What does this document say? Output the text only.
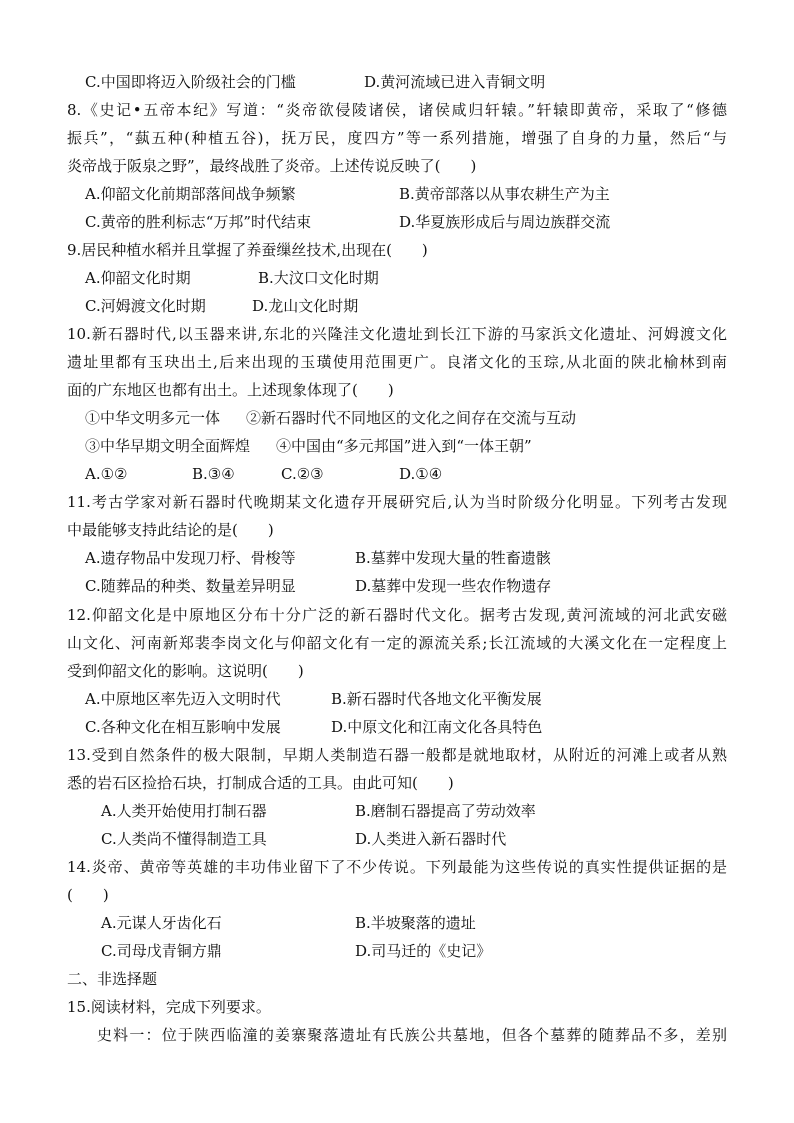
C.中国即将迈入阶级社会的门槛	D.黄河流域已进入青铜文明
8.《史记•五帝本纪》写道：“炎帝欲侵陵诸侯，诸侯咸归轩辕。”轩辕即黄帝，采取了“修德
振兵”，“蓺五种(种植五谷)，抚万民，度四方”等一系列措施，增强了自身的力量，然后“与
炎帝战于阪泉之野”，最终战胜了炎帝。上述传说反映了(　　)
A.仰韶文化前期部落间战争频繁	B.黄帝部落以从事农耕生产为主
C.黄帝的胜利标志“万邦”时代结束	D.华夏族形成后与周边族群交流
9.居民种植水稻并且掌握了养蚕缫丝技术,出现在(　　)
A.仰韶文化时期	B.大汶口文化时期
C.河姆渡文化时期	D.龙山文化时期
10.新石器时代,以玉器来讲,东北的兴隆洼文化遗址到长江下游的马家浜文化遗址、河姆渡文化
遗址里都有玉玦出土,后来出现的玉璜使用范围更广。良渚文化的玉琮,从北面的陕北榆林到南
面的广东地区也都有出土。上述现象体现了(　　)
①中华文明多元一体 ②新石器时代不同地区的文化之间存在交流与互动
③中华早期文明全面辉煌 ④中国由“多元邦国”进入到“一体王朝”
A.①②	B.③④	C.②③	D.①④
11.考古学家对新石器时代晚期某文化遗存开展研究后,认为当时阶级分化明显。下列考古发现
中最能够支持此结论的是(　　)
A.遗存物品中发现刀杼、骨梭等	B.墓葬中发现大量的牲畜遗骸
C.随葬品的种类、数量差异明显	D.墓葬中发现一些农作物遗存
12.仰韶文化是中原地区分布十分广泛的新石器时代文化。据考古发现,黄河流域的河北武安磁
山文化、河南新郑裴李岗文化与仰韶文化有一定的源流关系;长江流域的大溪文化在一定程度上
受到仰韶文化的影响。这说明(　　)
A.中原地区率先迈入文明时代	B.新石器时代各地文化平衡发展
C.各种文化在相互影响中发展	D.中原文化和江南文化各具特色
13.受到自然条件的极大限制，早期人类制造石器一般都是就地取材，从附近的河滩上或者从熟
悉的岩石区捡拾石块，打制成合适的工具。由此可知(　　)
A.人类开始使用打制石器	B.磨制石器提高了劳动效率
C.人类尚不懂得制造工具	D.人类进入新石器时代
14.炎帝、黄帝等英雄的丰功伟业留下了不少传说。下列最能为这些传说的真实性提供证据的是
(　　)
A.元谋人牙齿化石	B.半坡聚落的遗址
C.司母戊青铜方鼎	D.司马迁的《史记》
二、非选择题
15.阅读材料，完成下列要求。
史料一：位于陕西临潼的姜寨聚落遗址有氏族公共墓地，但各个墓葬的随葬品不多，差别
